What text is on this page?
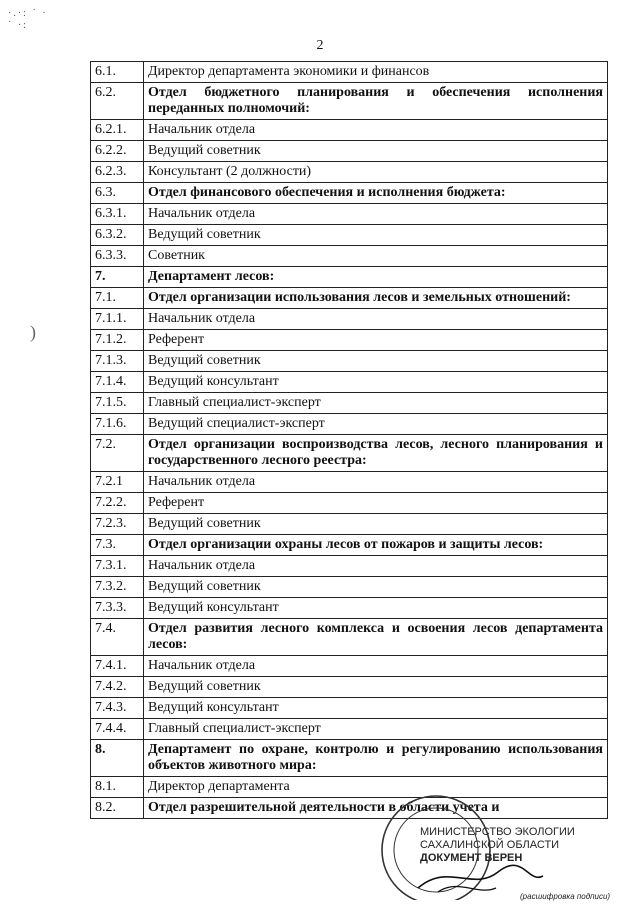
·.·: ˙ ·
˙ ·:
)
2
6.1.	Директор департамента экономики и финансов
6.2.	Отдел бюджетного планирования и обеспечения исполнения переданных полномочий:
6.2.1.	Начальник отдела
6.2.2.	Ведущий советник
6.2.3.	Консультант (2 должности)
6.3.	Отдел финансового обеспечения и исполнения бюджета:
6.3.1.	Начальник отдела
6.3.2.	Ведущий советник
6.3.3.	Советник
7.	Департамент лесов:
7.1.	Отдел организации использования лесов и земельных отношений:
7.1.1.	Начальник отдела
7.1.2.	Референт
7.1.3.	Ведущий советник
7.1.4.	Ведущий консультант
7.1.5.	Главный специалист-эксперт
7.1.6.	Ведущий специалист-эксперт
7.2.	Отдел организации воспроизводства лесов, лесного планирования и государственного лесного реестра:
7.2.1	Начальник отдела
7.2.2.	Референт
7.2.3.	Ведущий советник
7.3.	Отдел организации охраны лесов от пожаров и защиты лесов:
7.3.1.	Начальник отдела
7.3.2.	Ведущий советник
7.3.3.	Ведущий консультант
7.4.	Отдел развития лесного комплекса и освоения лесов департамента лесов:
7.4.1.	Начальник отдела
7.4.2.	Ведущий советник
7.4.3.	Ведущий консультант
7.4.4.	Главный специалист-эксперт
8.	Департамент по охране, контролю и регулированию использования объектов животного мира:
8.1.	Директор департамента
8.2.	Отдел разрешительной деятельности в области учета и
МИНИСТЕРСТВО ЭКОЛОГИИ
САХАЛИНСКОЙ ОБЛАСТИ
ДОКУМЕНТ ВЕРЕН
(расшифровка подписи)
